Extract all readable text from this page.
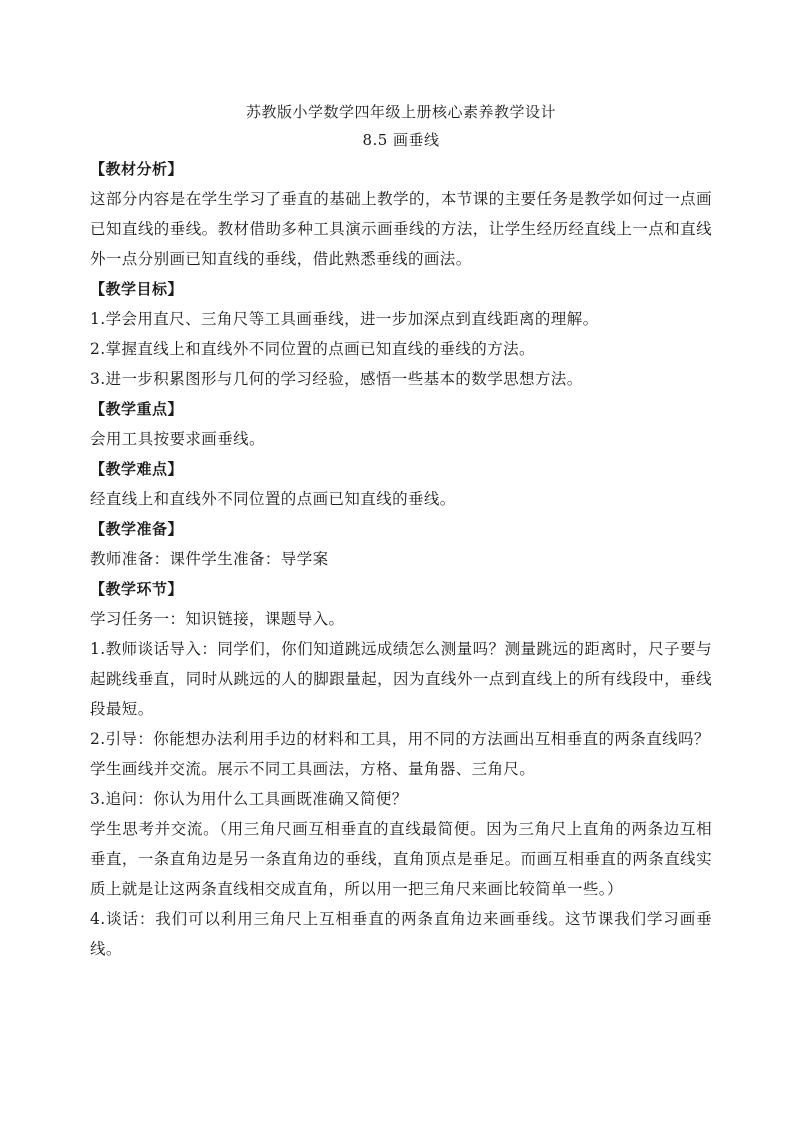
苏教版小学数学四年级上册核心素养教学设计
8.5 画垂线
【教材分析】
这部分内容是在学生学习了垂直的基础上教学的，本节课的主要任务是教学如何过一点画已知直线的垂线。教材借助多种工具演示画垂线的方法，让学生经历经直线上一点和直线外一点分别画已知直线的垂线，借此熟悉垂线的画法。
【教学目标】
1.学会用直尺、三角尺等工具画垂线，进一步加深点到直线距离的理解。
2.掌握直线上和直线外不同位置的点画已知直线的垂线的方法。
3.进一步积累图形与几何的学习经验，感悟一些基本的数学思想方法。
【教学重点】
会用工具按要求画垂线。
【教学难点】
经直线上和直线外不同位置的点画已知直线的垂线。
【教学准备】
教师准备：课件学生准备：导学案
【教学环节】
学习任务一：知识链接，课题导入。
1.教师谈话导入：同学们，你们知道跳远成绩怎么测量吗？测量跳远的距离时，尺子要与起跳线垂直，同时从跳远的人的脚跟量起，因为直线外一点到直线上的所有线段中，垂线段最短。
2.引导：你能想办法利用手边的材料和工具，用不同的方法画出互相垂直的两条直线吗？
学生画线并交流。展示不同工具画法，方格、量角器、三角尺。
3.追问：你认为用什么工具画既准确又简便？
学生思考并交流。（用三角尺画互相垂直的直线最简便。因为三角尺上直角的两条边互相垂直，一条直角边是另一条直角边的垂线，直角顶点是垂足。而画互相垂直的两条直线实质上就是让这两条直线相交成直角，所以用一把三角尺来画比较简单一些。）
4.谈话：我们可以利用三角尺上互相垂直的两条直角边来画垂线。这节课我们学习画垂线。
